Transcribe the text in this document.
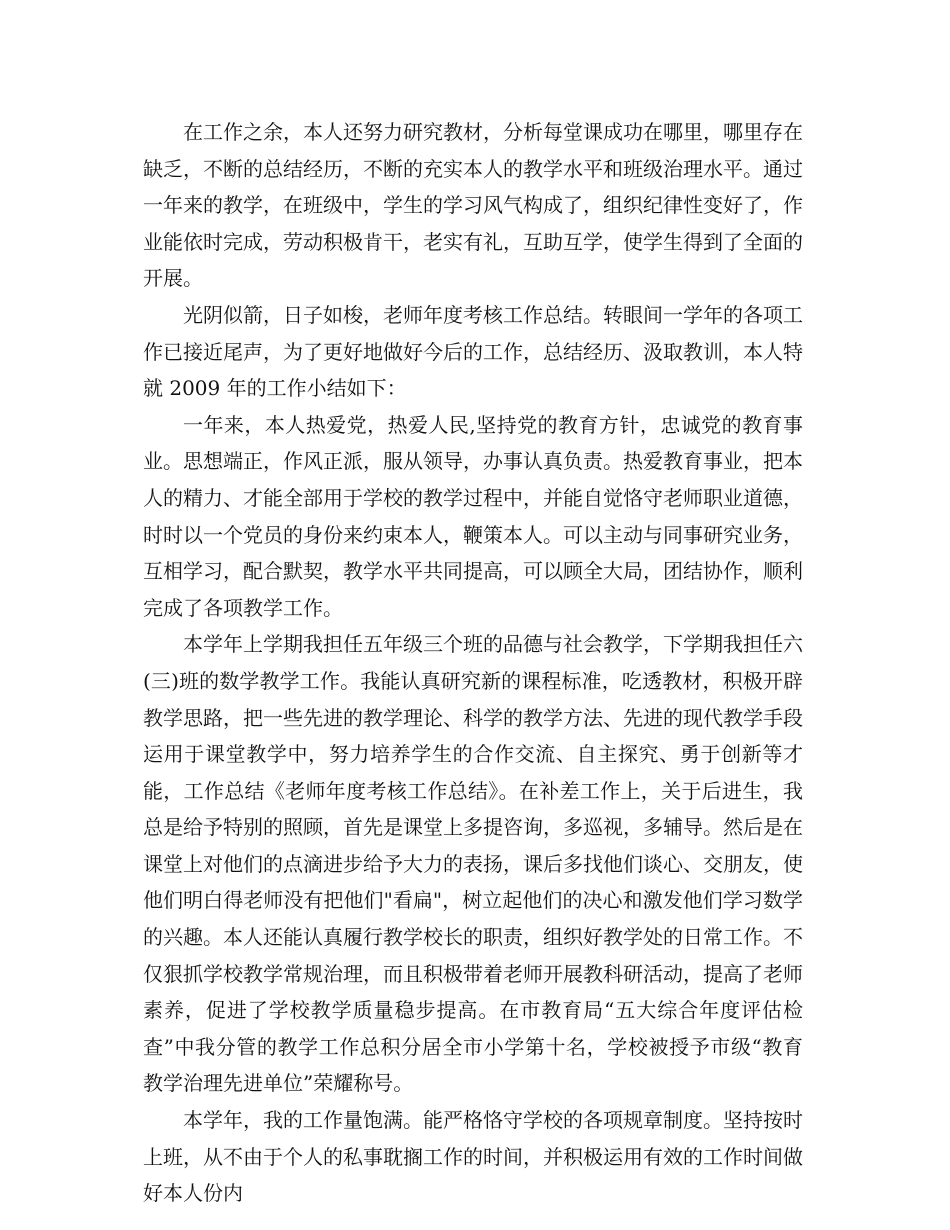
在工作之余，本人还努力研究教材，分析每堂课成功在哪里，哪里存在缺乏，不断的总结经历，不断的充实本人的教学水平和班级治理水平。通过一年来的教学，在班级中，学生的学习风气构成了，组织纪律性变好了，作业能依时完成，劳动积极肯干，老实有礼，互助互学，使学生得到了全面的开展。

光阴似箭，日子如梭，老师年度考核工作总结。转眼间一学年的各项工作已接近尾声，为了更好地做好今后的工作，总结经历、汲取教训，本人特就 2009 年的工作小结如下：

一年来，本人热爱党，热爱人民,坚持党的教育方针，忠诚党的教育事业。思想端正，作风正派，服从领导，办事认真负责。热爱教育事业，把本人的精力、才能全部用于学校的教学过程中，并能自觉恪守老师职业道德，时时以一个党员的身份来约束本人，鞭策本人。可以主动与同事研究业务，互相学习，配合默契，教学水平共同提高，可以顾全大局，团结协作，顺利完成了各项教学工作。

本学年上学期我担任五年级三个班的品德与社会教学，下学期我担任六(三)班的数学教学工作。我能认真研究新的课程标准，吃透教材，积极开辟教学思路，把一些先进的教学理论、科学的教学方法、先进的现代教学手段运用于课堂教学中，努力培养学生的合作交流、自主探究、勇于创新等才能，工作总结《老师年度考核工作总结》。在补差工作上，关于后进生，我总是给予特别的照顾，首先是课堂上多提咨询，多巡视，多辅导。然后是在课堂上对他们的点滴进步给予大力的表扬，课后多找他们谈心、交朋友，使他们明白得老师没有把他们"看扁"，树立起他们的决心和激发他们学习数学的兴趣。本人还能认真履行教学校长的职责，组织好教学处的日常工作。不仅狠抓学校教学常规治理，而且积极带着老师开展教科研活动，提高了老师素养，促进了学校教学质量稳步提高。在市教育局“五大综合年度评估检查”中我分管的教学工作总积分居全市小学第十名，学校被授予市级“教育教学治理先进单位”荣耀称号。

本学年，我的工作量饱满。能严格恪守学校的各项规章制度。坚持按时上班，从不由于个人的私事耽搁工作的时间，并积极运用有效的工作时间做好本人份内
